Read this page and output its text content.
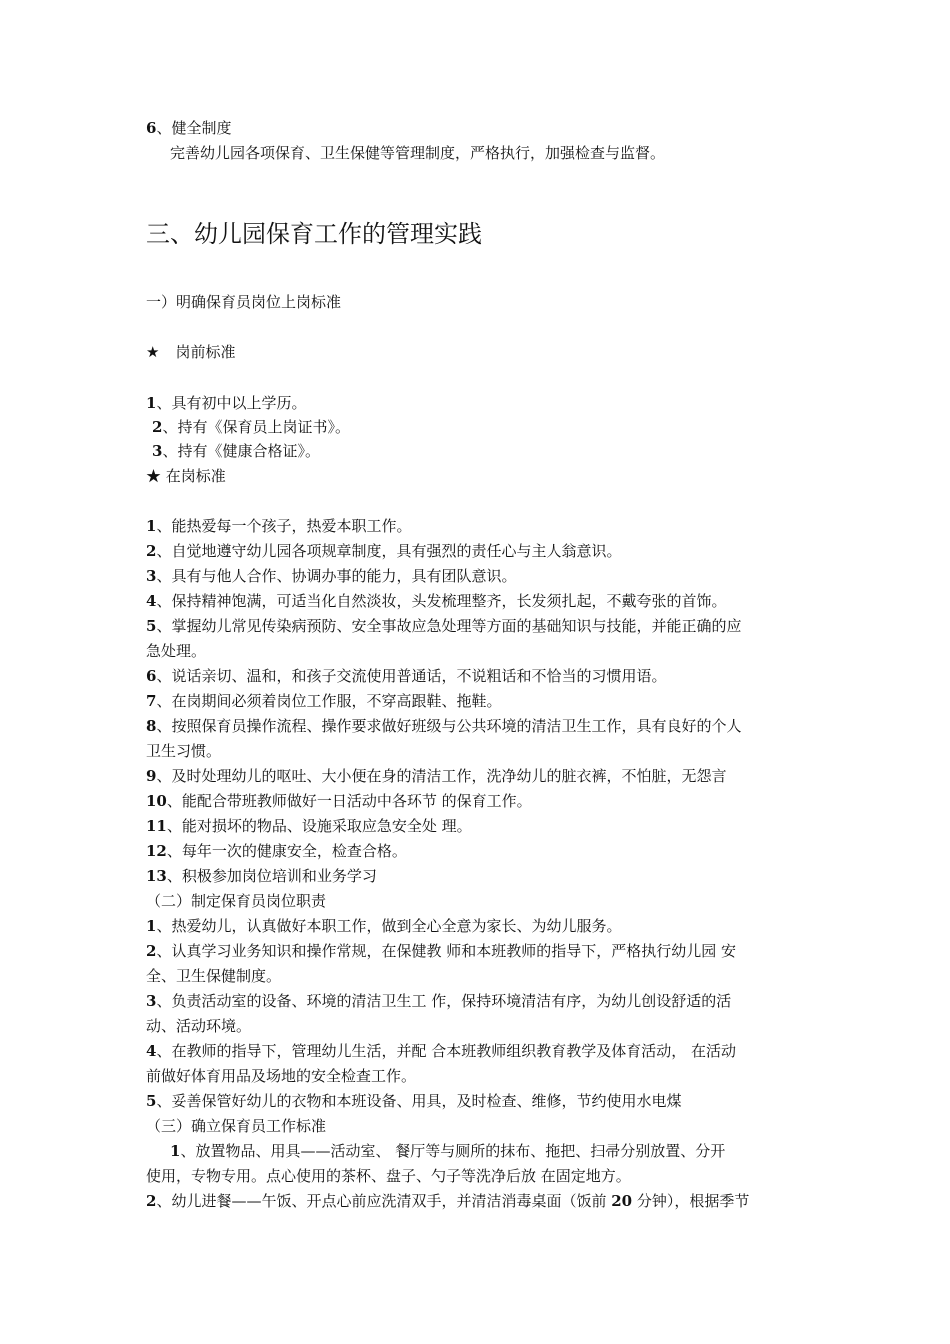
6、健全制度
完善幼儿园各项保育、卫生保健等管理制度，严格执行，加强检查与监督。
三、幼儿园保育工作的管理实践
一）明确保育员岗位上岗标准
★ 岗前标准
1、具有初中以上学历。
2、持有《保育员上岗证书》。
3、持有《健康合格证》。
★ 在岗标准
1、能热爱每一个孩子，热爱本职工作。
2、自觉地遵守幼儿园各项规章制度，具有强烈的责任心与主人翁意识。
3、具有与他人合作、协调办事的能力，具有团队意识。
4、保持精神饱满，可适当化自然淡妆，头发梳理整齐，长发须扎起，不戴夸张的首饰。
5、掌握幼儿常见传染病预防、安全事故应急处理等方面的基础知识与技能，并能正确的应
急处理。
6、说话亲切、温和，和孩子交流使用普通话，不说粗话和不恰当的习惯用语。
7、在岗期间必须着岗位工作服，不穿高跟鞋、拖鞋。
8、按照保育员操作流程、操作要求做好班级与公共环境的清洁卫生工作，具有良好的个人
卫生习惯。
9、及时处理幼儿的呕吐、大小便在身的清洁工作，洗净幼儿的脏衣裤，不怕脏，无怨言
10、能配合带班教师做好一日活动中各环节 的保育工作。
11、能对损坏的物品、设施采取应急安全处 理。
12、每年一次的健康安全，检查合格。
13、积极参加岗位培训和业务学习
（二）制定保育员岗位职责
1、热爱幼儿，认真做好本职工作，做到全心全意为家长、为幼儿服务。
2、认真学习业务知识和操作常规，在保健教 师和本班教师的指导下，严格执行幼儿园 安
全、卫生保健制度。
3、负责活动室的设备、环境的清洁卫生工 作，保持环境清洁有序，为幼儿创设舒适的活
动、活动环境。
4、在教师的指导下，管理幼儿生活，并配 合本班教师组织教育教学及体育活动， 在活动
前做好体育用品及场地的安全检查工作。
5、妥善保管好幼儿的衣物和本班设备、用具，及时检查、维修，节约使用水电煤
（三）确立保育员工作标准
1、放置物品、用具——活动室、 餐厅等与厕所的抹布、拖把、扫帚分别放置、分开
使用，专物专用。点心使用的茶杯、盘子、勺子等洗净后放 在固定地方。
2、幼儿进餐——午饭、开点心前应洗清双手，并清洁消毒桌面（饭前 20 分钟），根据季节
